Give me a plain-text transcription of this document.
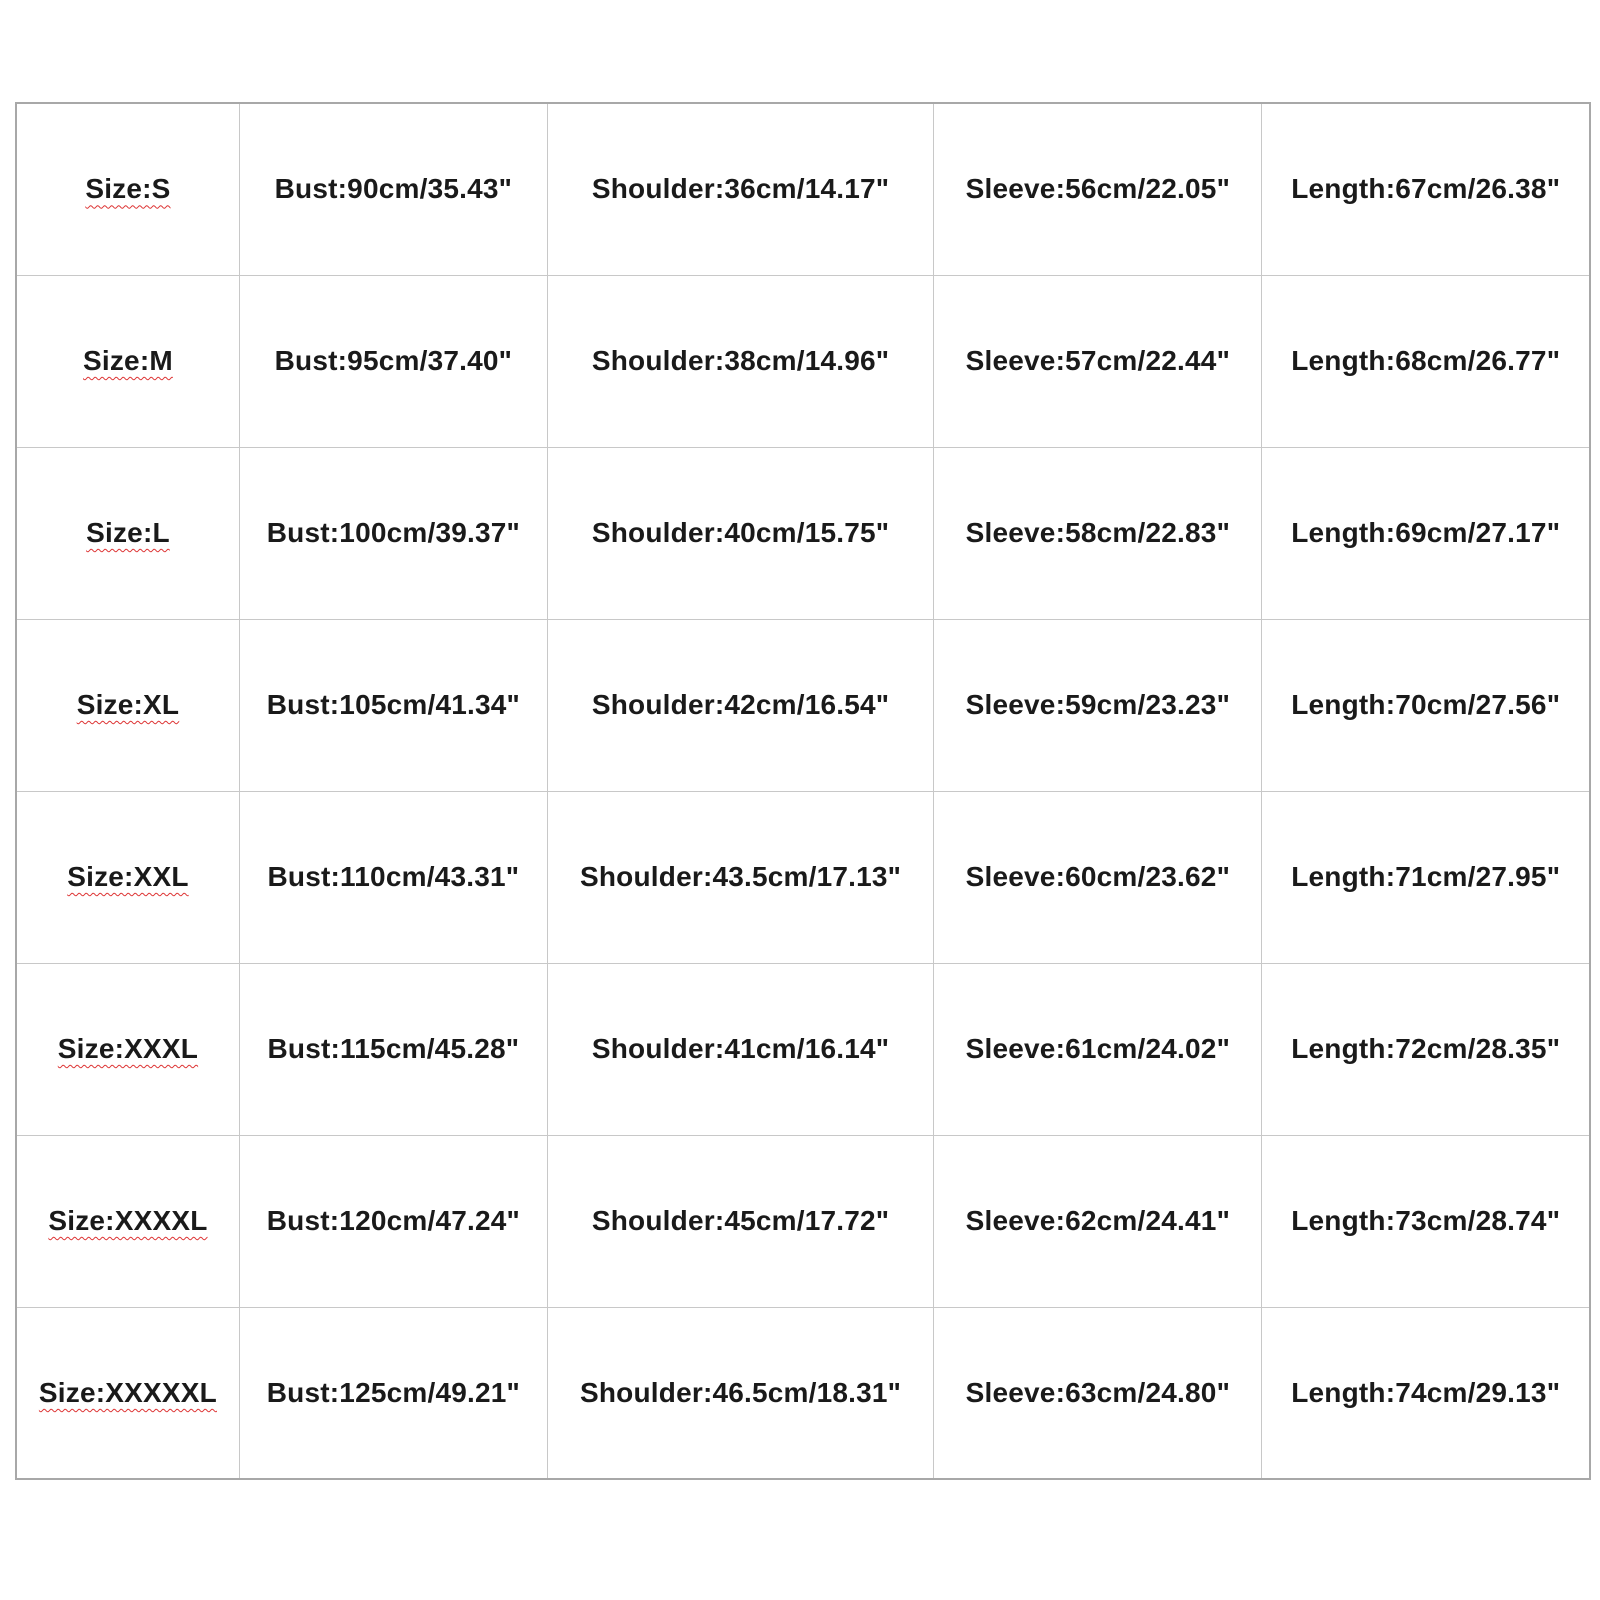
Size:S	Bust:90cm/35.43"	Shoulder:36cm/14.17"	Sleeve:56cm/22.05"	Length:67cm/26.38"
Size:M	Bust:95cm/37.40"	Shoulder:38cm/14.96"	Sleeve:57cm/22.44"	Length:68cm/26.77"
Size:L	Bust:100cm/39.37"	Shoulder:40cm/15.75"	Sleeve:58cm/22.83"	Length:69cm/27.17"
Size:XL	Bust:105cm/41.34"	Shoulder:42cm/16.54"	Sleeve:59cm/23.23"	Length:70cm/27.56"
Size:XXL	Bust:110cm/43.31"	Shoulder:43.5cm/17.13"	Sleeve:60cm/23.62"	Length:71cm/27.95"
Size:XXXL	Bust:115cm/45.28"	Shoulder:41cm/16.14"	Sleeve:61cm/24.02"	Length:72cm/28.35"
Size:XXXXL	Bust:120cm/47.24"	Shoulder:45cm/17.72"	Sleeve:62cm/24.41"	Length:73cm/28.74"
Size:XXXXXL	Bust:125cm/49.21"	Shoulder:46.5cm/18.31"	Sleeve:63cm/24.80"	Length:74cm/29.13"
